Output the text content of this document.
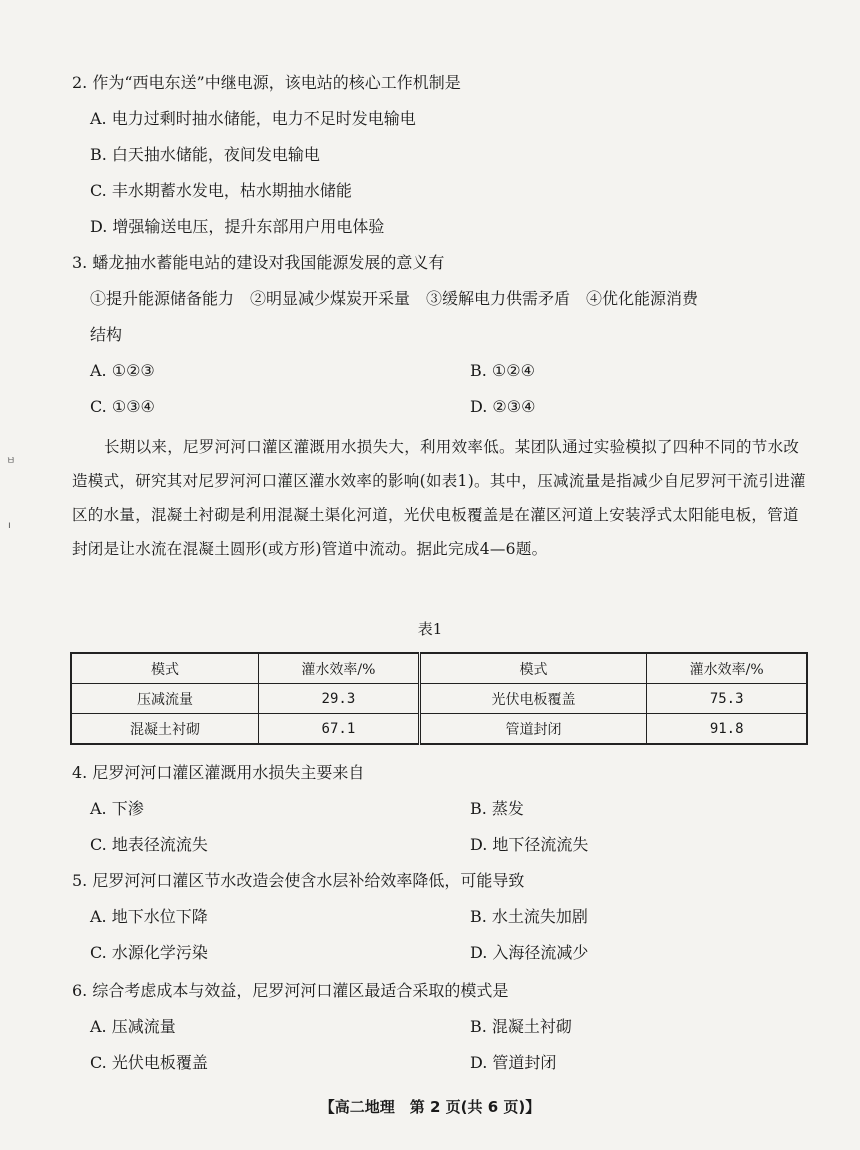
ㅂ
ı
2. 作为“西电东送”中继电源，该电站的核心工作机制是
A. 电力过剩时抽水储能，电力不足时发电输电
B. 白天抽水储能，夜间发电输电
C. 丰水期蓄水发电，枯水期抽水储能
D. 增强输送电压，提升东部用户用电体验
3. 蟠龙抽水蓄能电站的建设对我国能源发展的意义有
①提升能源储备能力　②明显减少煤炭开采量　③缓解电力供需矛盾　④优化能源消费
结构
A. ①②③	B. ①②④
C. ①③④	D. ②③④
长期以来，尼罗河河口灌区灌溉用水损失大，利用效率低。某团队通过实验模拟了四种不同的节水改造模式，研究其对尼罗河河口灌区灌水效率的影响(如表1)。其中，压减流量是指减少自尼罗河干流引进灌区的水量，混凝土衬砌是利用混凝土渠化河道，光伏电板覆盖是在灌区河道上安装浮式太阳能电板，管道封闭是让水流在混凝土圆形(或方形)管道中流动。据此完成4—6题。
表1
模式	灌水效率/%	模式	灌水效率/%
压减流量	29.3	光伏电板覆盖	75.3
混凝土衬砌	67.1	管道封闭	91.8
4. 尼罗河河口灌区灌溉用水损失主要来自
A. 下渗	B. 蒸发
C. 地表径流流失	D. 地下径流流失
5. 尼罗河河口灌区节水改造会使含水层补给效率降低，可能导致
A. 地下水位下降	B. 水土流失加剧
C. 水源化学污染	D. 入海径流减少
6. 综合考虑成本与效益，尼罗河河口灌区最适合采取的模式是
A. 压减流量	B. 混凝土衬砌
C. 光伏电板覆盖	D. 管道封闭
【高二地理　第 2 页(共 6 页)】
